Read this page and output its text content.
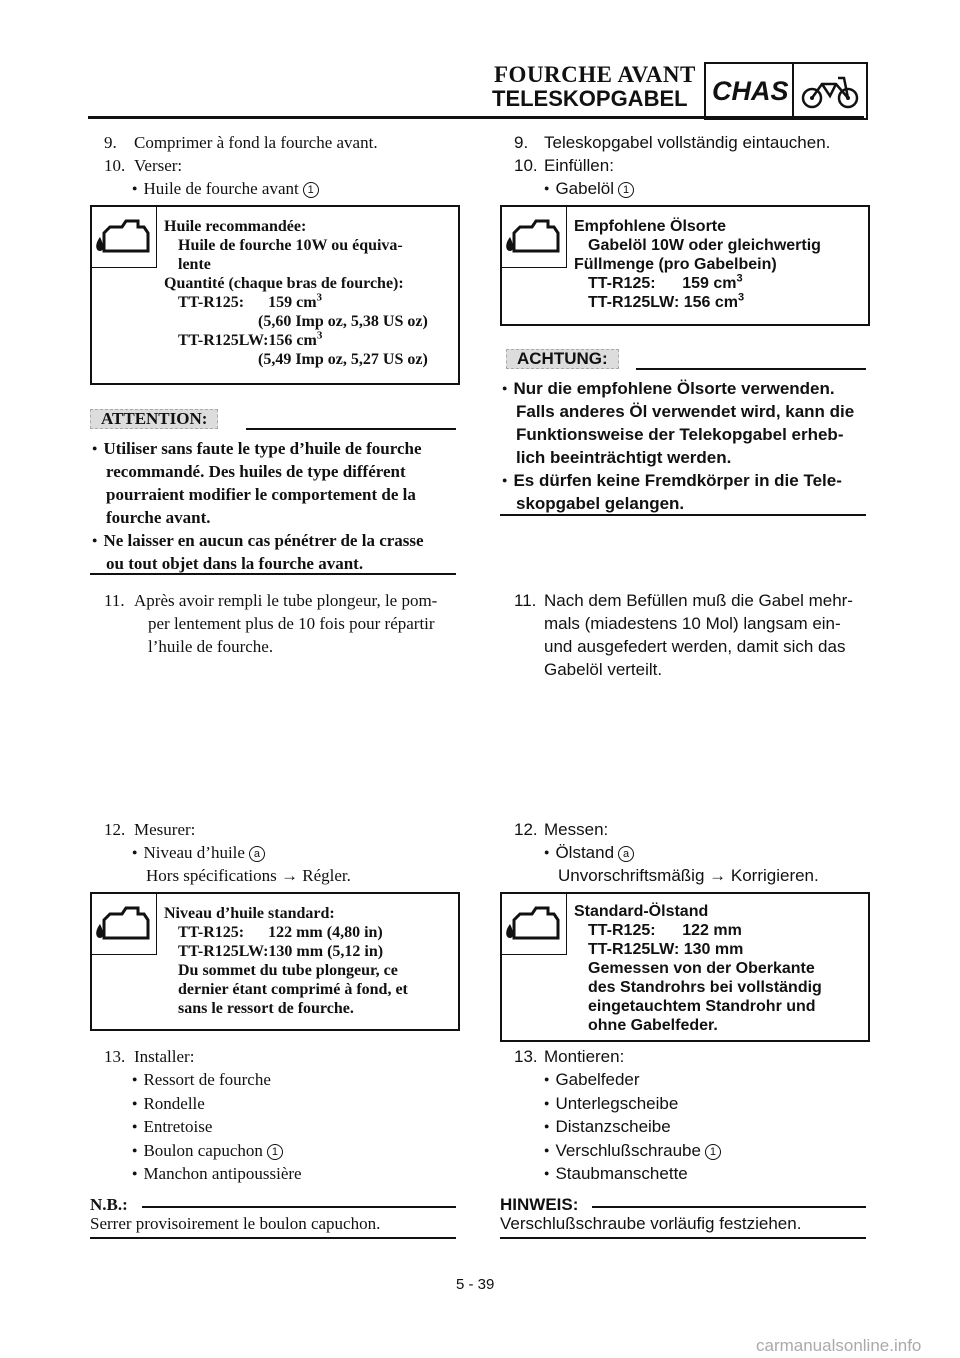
FOURCHE AVANT
TELESKOPGABEL CHAS
9. Comprimer à fond la fourche avant.
10. Verser:
● Huile de fourche avant 1
Huile recommandée:
Huile de fourche 10W ou équiva-
lente
Quantité (chaque bras de fourche):
TT-R125: 159 $cm^3$
(5,60 Imp oz, 5,38 US oz)
TT-R125LW:156 $cm^3$
(5,49 Imp oz, 5,27 US oz)
ATTENTION:
● Utiliser sans faute le type d’huile de fourche
recommandé. Des huiles de type différent
pourraient modifier le comportement de la
fourche avant.
● Ne laisser en aucun cas pénétrer de la crasse
ou tout objet dans la fourche avant.
11. Après avoir rempli le tube plongeur, le pom-
per lentement plus de 10 fois pour répartir
l’huile de fourche.
12. Mesurer:
● Niveau d’huile a
Hors spécifications → Régler.
Niveau d’huile standard:
TT-R125:      122 mm (4,80 in)
TT-R125LW:130 mm (5,12 in)
Du sommet du tube plongeur, ce
dernier étant comprimé à fond, et
sans le ressort de fourche.
13. Installer:
● Ressort de fourche
● Rondelle
● Entretoise
● Boulon capuchon 1
● Manchon antipoussière
N.B.:
Serrer provisoirement le boulon capuchon.
9. Teleskopgabel vollständig eintauchen.
10. Einfüllen:
● Gabelöl 1
Empfohlene Ölsorte
Gabelöl 10W oder gleichwertig
Füllmenge (pro Gabelbein)
TT-R125: 159 $cm^3$
TT-R125LW: 156 $cm^3$
ACHTUNG:
● Nur die empfohlene Ölsorte verwenden.
Falls anderes Öl verwendet wird, kann die
Funktionsweise der Telekopgabel erheb-
lich beeinträchtigt werden.
● Es dürfen keine Fremdkörper in die Tele-
skopgabel gelangen.
11. Nach dem Befüllen muß die Gabel mehr-
mals (miadestens 10 Mol) langsam ein-
und ausgefedert werden, damit sich das
Gabelöl verteilt.
12. Messen:
● Ölstand a
Unvorschriftsmäßig → Korrigieren.
Standard-Ölstand
TT-R125:      122 mm
TT-R125LW: 130 mm
Gemessen von der Oberkante
des Standrohrs bei vollständig
eingetauchtem Standrohr und
ohne Gabelfeder.
13. Montieren:
● Gabelfeder
● Unterlegscheibe
● Distanzscheibe
● Verschlußschraube 1
● Staubmanschette
HINWEIS:
Verschlußschraube vorläufig festziehen.
5 - 39
carmanualsonline.info
